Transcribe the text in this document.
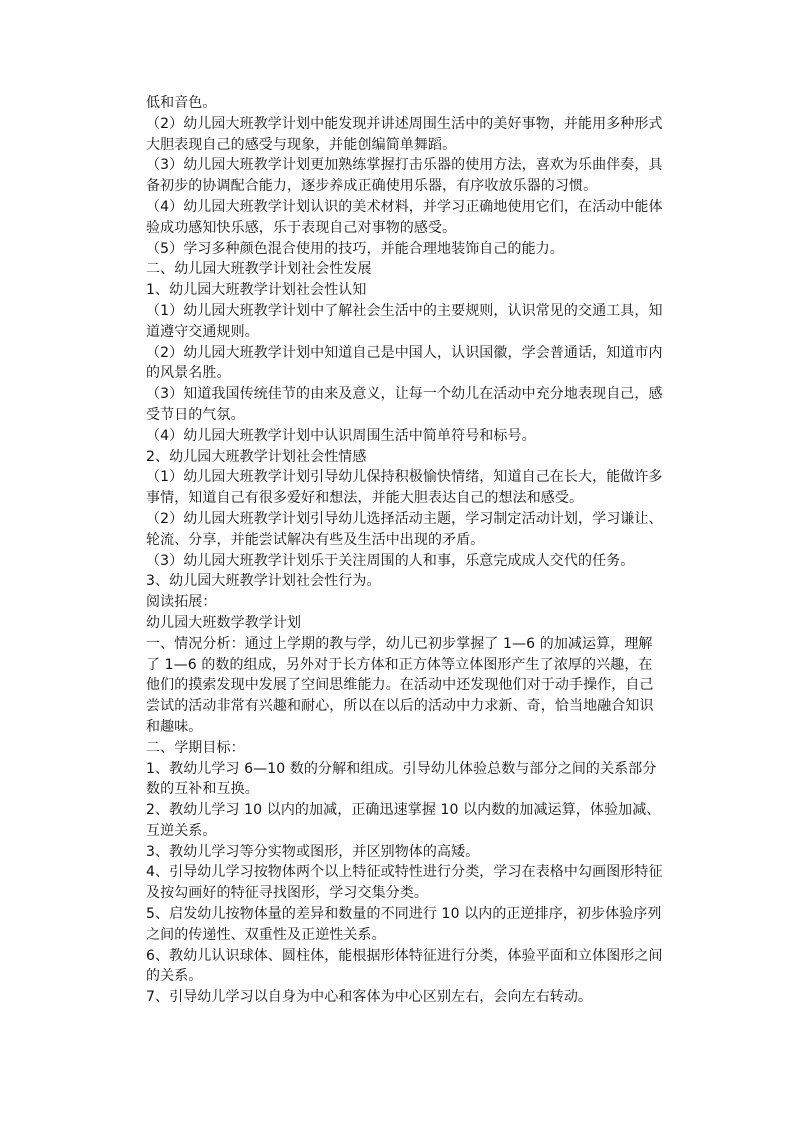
低和音色。

（2）幼儿园大班教学计划中能发现并讲述周围生活中的美好事物，并能用多种形式大胆表现自己的感受与现象，并能创编简单舞蹈。

（3）幼儿园大班教学计划更加熟练掌握打击乐器的使用方法，喜欢为乐曲伴奏，具备初步的协调配合能力，逐步养成正确使用乐器，有序收放乐器的习惯。

（4）幼儿园大班教学计划认识的美术材料，并学习正确地使用它们，在活动中能体验成功感知快乐感，乐于表现自己对事物的感受。

（5）学习多种颜色混合使用的技巧，并能合理地装饰自己的能力。

二、幼儿园大班教学计划社会性发展

1、幼儿园大班教学计划社会性认知

（1）幼儿园大班教学计划中了解社会生活中的主要规则，认识常见的交通工具，知道遵守交通规则。

（2）幼儿园大班教学计划中知道自己是中国人，认识国徽，学会普通话，知道市内的风景名胜。

（3）知道我国传统佳节的由来及意义，让每一个幼儿在活动中充分地表现自己，感受节日的气氛。

（4）幼儿园大班教学计划中认识周围生活中简单符号和标号。

2、幼儿园大班教学计划社会性情感

（1）幼儿园大班教学计划引导幼儿保持积极愉快情绪，知道自己在长大，能做许多事情，知道自己有很多爱好和想法，并能大胆表达自己的想法和感受。

（2）幼儿园大班教学计划引导幼儿选择活动主题，学习制定活动计划，学习谦让、轮流、分享，并能尝试解决有些及生活中出现的矛盾。

（3）幼儿园大班教学计划乐于关注周围的人和事，乐意完成成人交代的任务。

3、幼儿园大班教学计划社会性行为。

阅读拓展：

幼儿园大班数学教学计划

一、情况分析：通过上学期的教与学，幼儿已初步掌握了 1—6 的加减运算，理解了 1—6 的数的组成，另外对于长方体和正方体等立体图形产生了浓厚的兴趣，在他们的摸索发现中发展了空间思维能力。在活动中还发现他们对于动手操作，自己尝试的活动非常有兴趣和耐心，所以在以后的活动中力求新、奇，恰当地融合知识和趣味。

二、学期目标：

1、教幼儿学习 6—10 数的分解和组成。引导幼儿体验总数与部分之间的关系部分数的互补和互换。

2、教幼儿学习 10 以内的加减，正确迅速掌握 10 以内数的加减运算，体验加减、互逆关系。

3、教幼儿学习等分实物或图形，并区别物体的高矮。

4、引导幼儿学习按物体两个以上特征或特性进行分类，学习在表格中勾画图形特征及按勾画好的特征寻找图形，学习交集分类。

5、启发幼儿按物体量的差异和数量的不同进行 10 以内的正逆排序，初步体验序列之间的传递性、双重性及正逆性关系。

6、教幼儿认识球体、圆柱体，能根据形体特征进行分类，体验平面和立体图形之间的关系。

7、引导幼儿学习以自身为中心和客体为中心区别左右，会向左右转动。
